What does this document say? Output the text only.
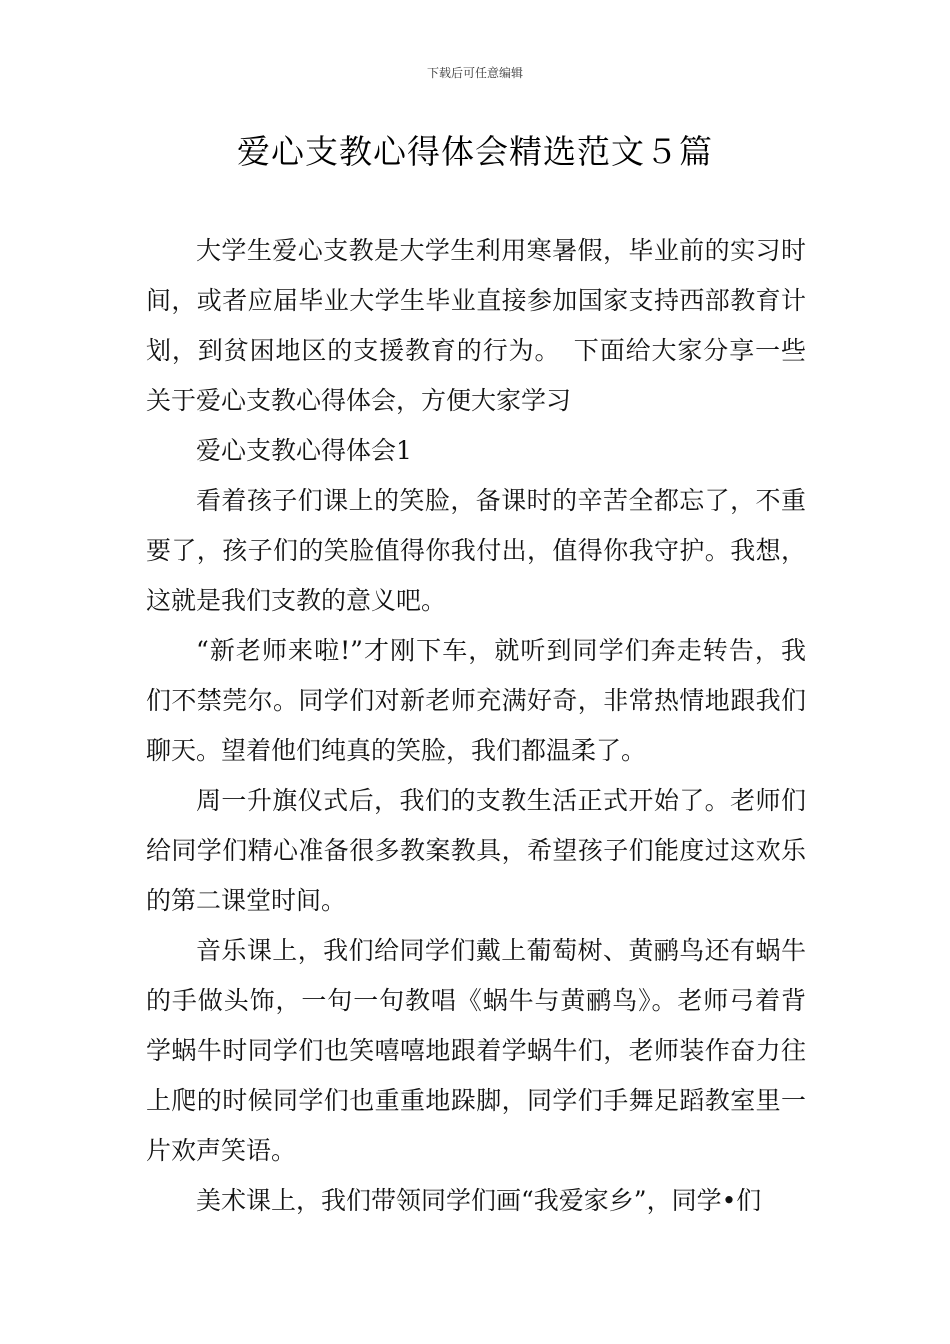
下载后可任意编辑
爱心支教心得体会精选范文５篇

大学生爱心支教是大学生利用寒暑假，毕业前的实习时间，或者应届毕业大学生毕业直接参加国家支持西部教育计划，到贫困地区的支援教育的行为。　下面给大家分享一些关于爱心支教心得体会，方便大家学习

爱心支教心得体会1

看着孩子们课上的笑脸，备课时的辛苦全都忘了，不重要了，孩子们的笑脸值得你我付出，值得你我守护。我想，这就是我们支教的意义吧。

“新老师来啦!”才刚下车，就听到同学们奔走转告，我们不禁莞尔。同学们对新老师充满好奇，非常热情地跟我们聊天。望着他们纯真的笑脸，我们都温柔了。

周一升旗仪式后，我们的支教生活正式开始了。老师们给同学们精心准备很多教案教具，希望孩子们能度过这欢乐的第二课堂时间。

音乐课上，我们给同学们戴上葡萄树、黄鹂鸟还有蜗牛的手做头饰，一句一句教唱《蜗牛与黄鹂鸟》。老师弓着背学蜗牛时同学们也笑嘻嘻地跟着学蜗牛们，老师装作奋力往上爬的时候同学们也重重地跺脚，同学们手舞足蹈教室里一片欢声笑语。

美术课上，我们带领同学们画“我爱家乡”，同学•们
